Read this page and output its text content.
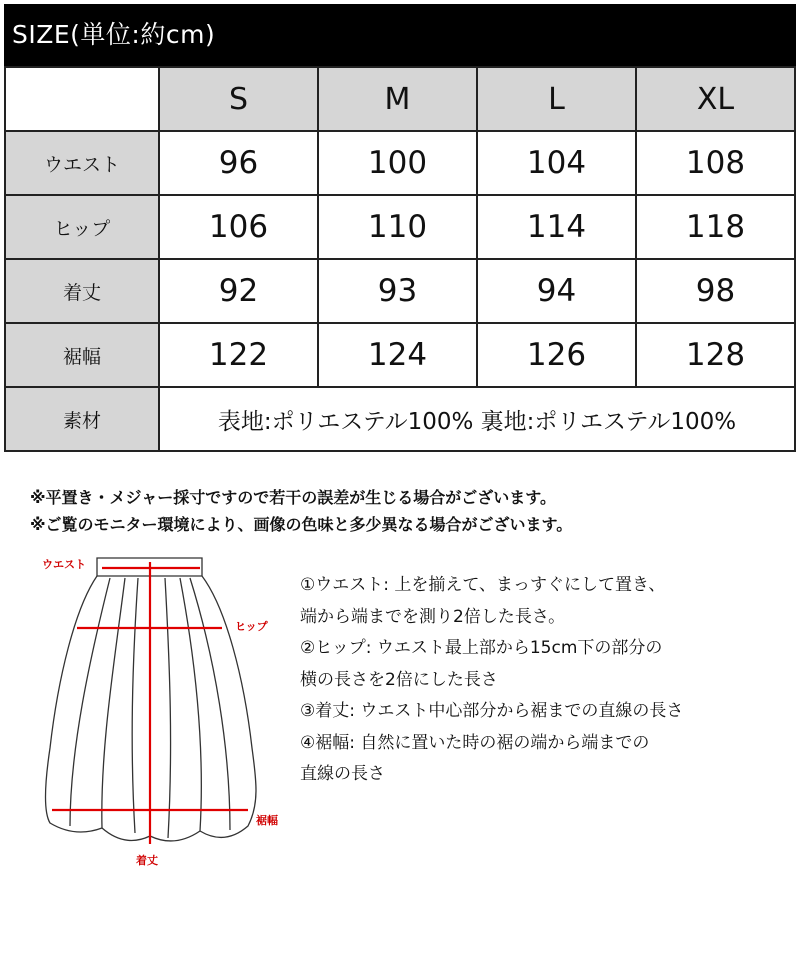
SIZE(単位:約cm)
	S	M	L	XL
ウエスト	96	100	104	108
ヒップ	106	110	114	118
着丈	92	93	94	98
裾幅	122	124	126	128
素材	表地:ポリエステル100% 裏地:ポリエステル100%			
※平置き・メジャー採寸ですので若干の誤差が生じる場合がございます。
※ご覧のモニター環境により、画像の色味と多少異なる場合がございます。
ウエスト
ヒップ
裾幅
着丈
①ウエスト: 上を揃えて、まっすぐにして置き、
端から端までを測り2倍した長さ。
②ヒップ: ウエスト最上部から15cm下の部分の
横の長さを2倍にした長さ
③着丈: ウエスト中心部分から裾までの直線の長さ
④裾幅: 自然に置いた時の裾の端から端までの
直線の長さ
